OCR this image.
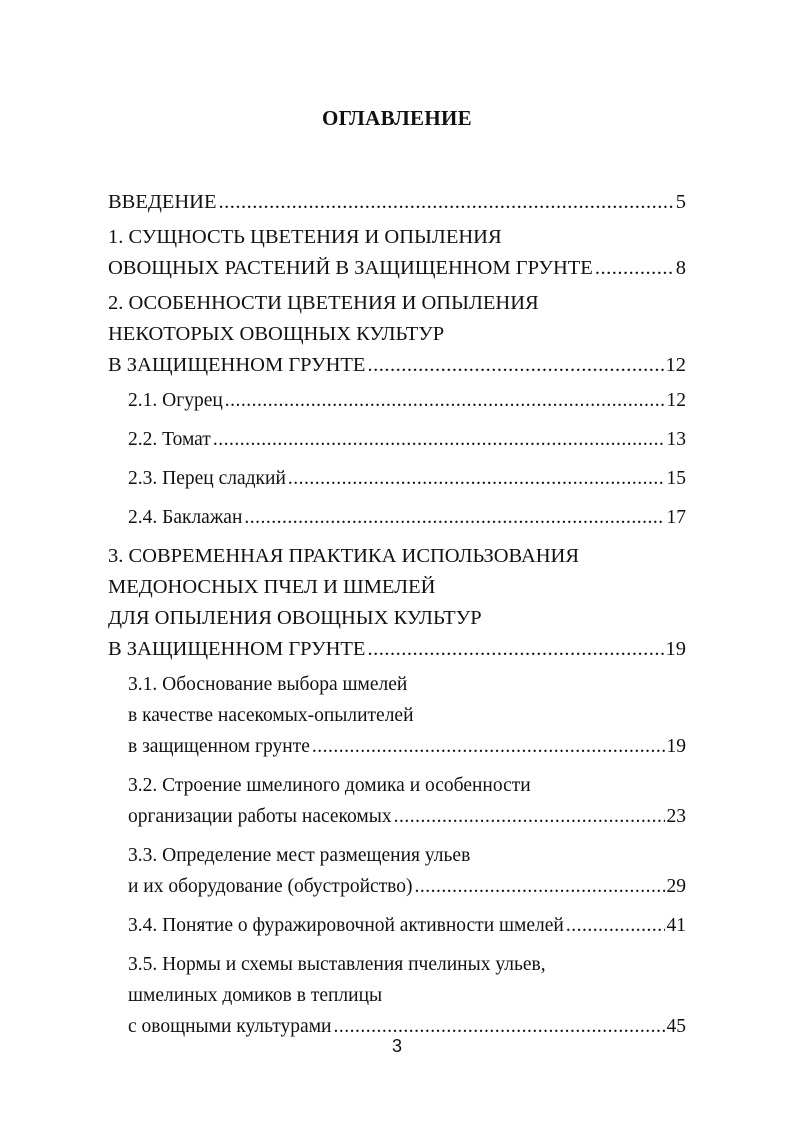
ОГЛАВЛЕНИЕ
ВВЕДЕНИЕ .....	5
1. СУЩНОСТЬ ЦВЕТЕНИЯ И ОПЫЛЕНИЯ
ОВОЩНЫХ РАСТЕНИЙ В ЗАЩИЩЕННОМ ГРУНТЕ .....	8
2. ОСОБЕННОСТИ ЦВЕТЕНИЯ И ОПЫЛЕНИЯ
НЕКОТОРЫХ ОВОЩНЫХ КУЛЬТУР
В ЗАЩИЩЕННОМ ГРУНТЕ .....	12
2.1. Огурец .....	12
2.2. Томат .....	13
2.3. Перец сладкий .....	15
2.4. Баклажан .....	17
3. СОВРЕМЕННАЯ ПРАКТИКА ИСПОЛЬЗОВАНИЯ
МЕДОНОСНЫХ ПЧЕЛ И ШМЕЛЕЙ
ДЛЯ ОПЫЛЕНИЯ ОВОЩНЫХ КУЛЬТУР
В ЗАЩИЩЕННОМ ГРУНТЕ .....	19
3.1. Обоснование выбора шмелей
в качестве насекомых-опылителей
в защищенном грунте .....	19
3.2. Строение шмелиного домика и особенности
организации работы насекомых .....	23
3.3. Определение мест размещения ульев
и их оборудование (обустройство) .....	29
3.4. Понятие о фуражировочной активности шмелей .....	41
3.5. Нормы и схемы выставления пчелиных ульев,
шмелиных домиков в теплицы
с овощными культурами .....	45
3
